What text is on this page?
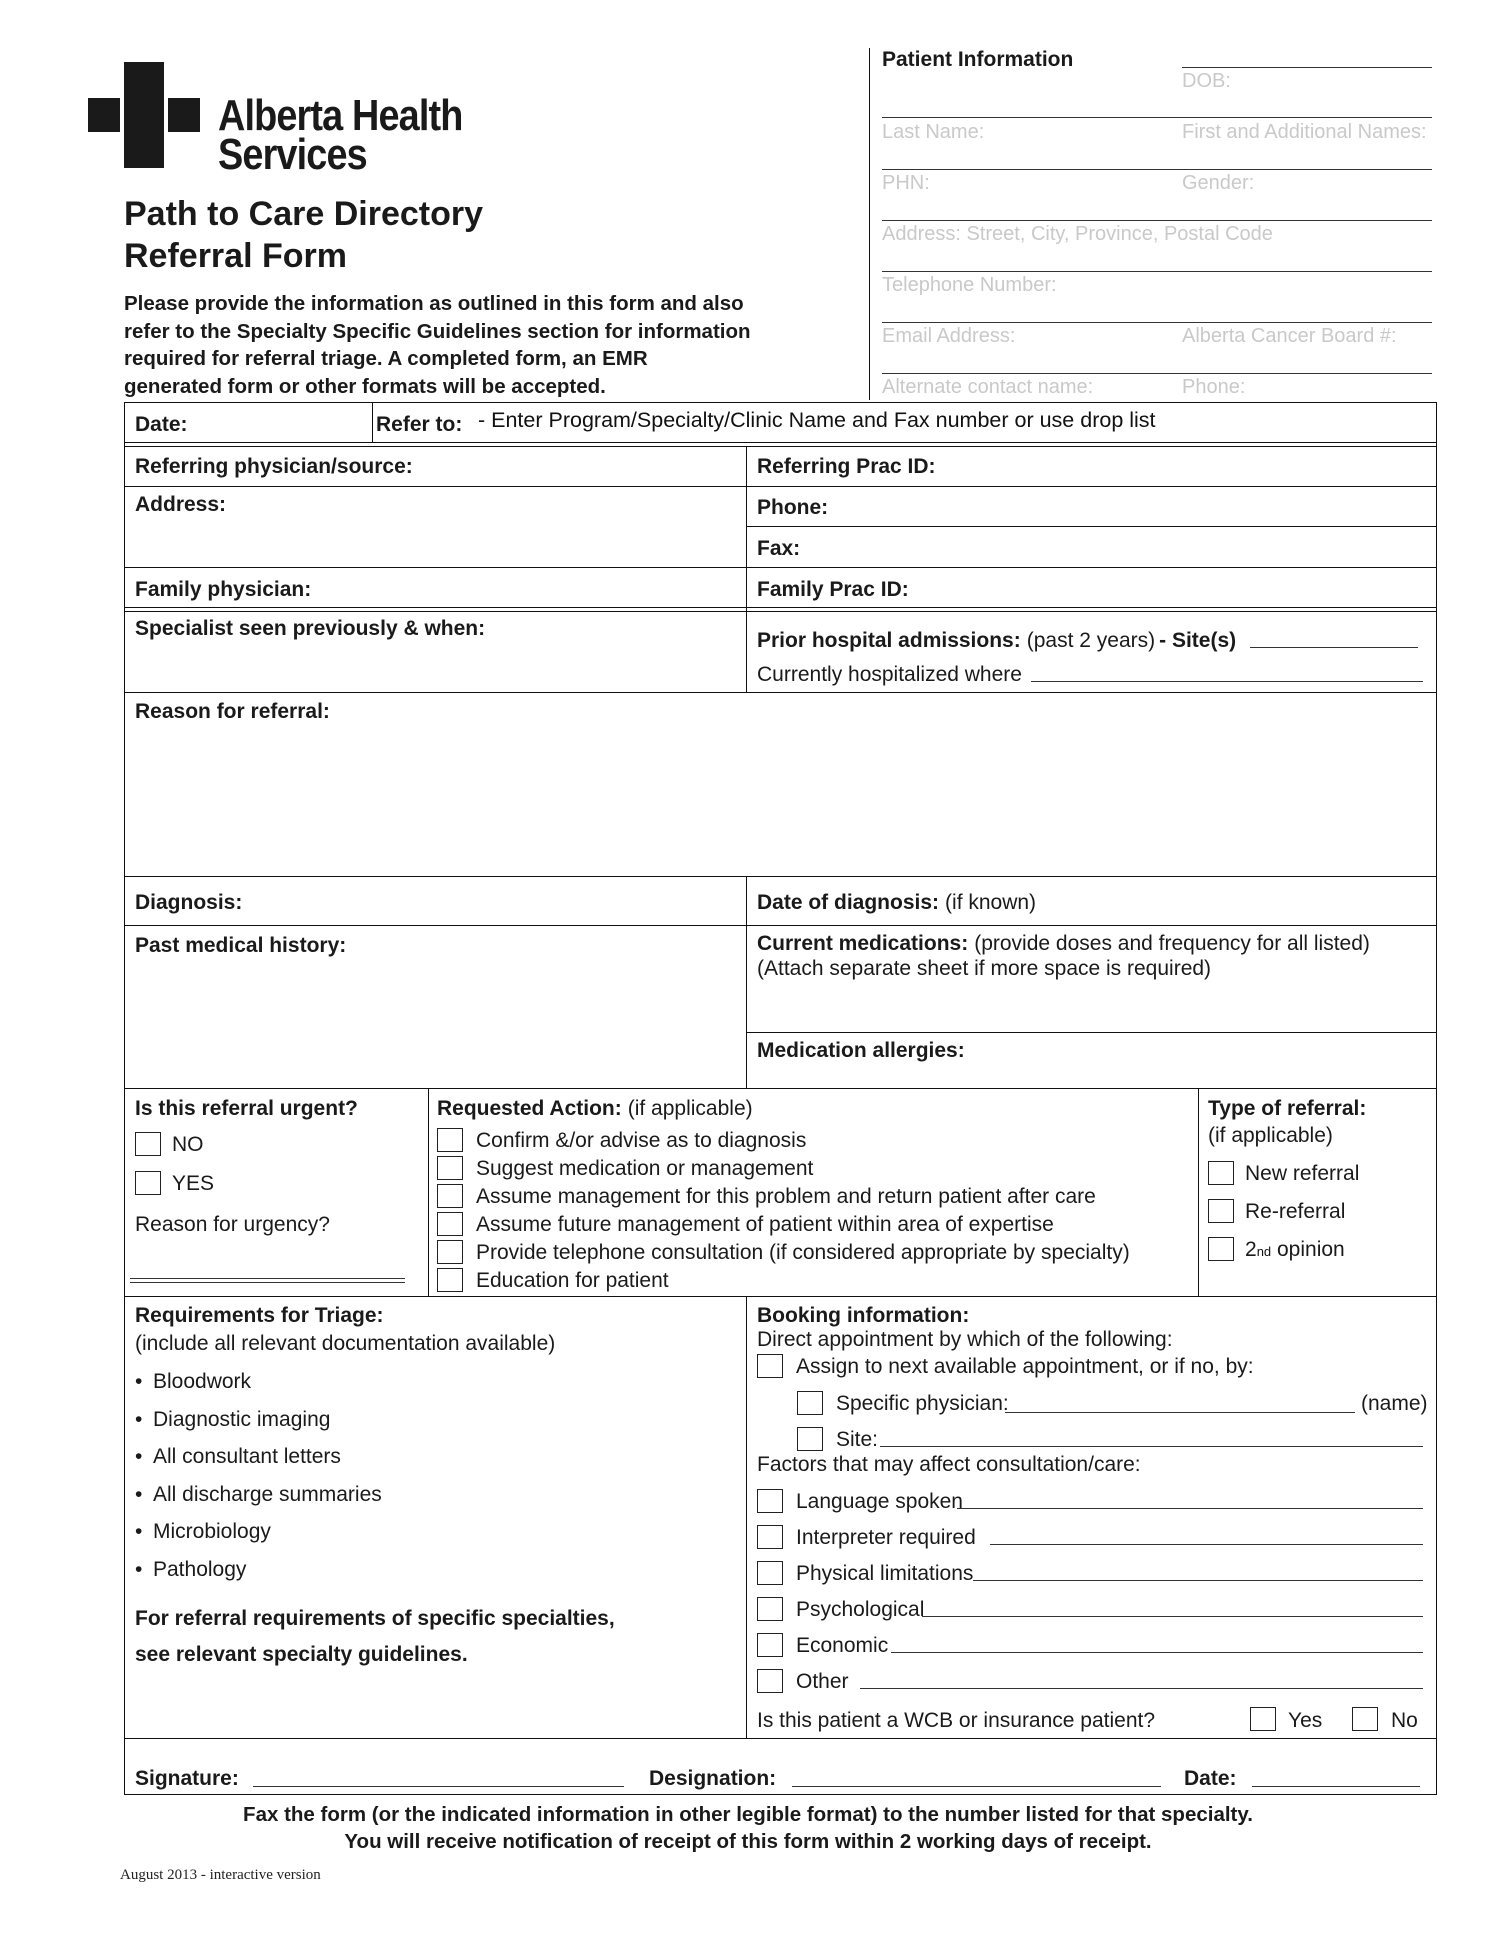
Alberta Health
Services
Path to Care Directory
Referral Form
Please provide the information as outlined in this form and also
refer to the Specialty Specific Guidelines section for information
required for referral triage. A completed form, an EMR
generated form or other formats will be accepted.
Patient Information
DOB:
Last Name:	First and Additional Names:
PHN:	Gender:
Address: Street, City, Province, Postal Code
Telephone Number:
Email Address:	Alberta Cancer Board #:
Alternate contact name:	Phone:
Date:	Refer to: - Enter Program/Specialty/Clinic Name and Fax number or use drop list
Referring physician/source:	Referring Prac ID:
Address:	Phone:
Fax:
Family physician:	Family Prac ID:
Specialist seen previously & when:
Prior hospital admissions: (past 2 years) - Site(s)
Currently hospitalized where
Reason for referral:
Diagnosis:	Date of diagnosis: (if known)
Past medical history:	Current medications: (provide doses and frequency for all listed)
(Attach separate sheet if more space is required)
Medication allergies:
Is this referral urgent?
NO
YES
Reason for urgency?
Requested Action: (if applicable)
Confirm &/or advise as to diagnosis
Suggest medication or management
Assume management for this problem and return patient after care
Assume future management of patient within area of expertise
Provide telephone consultation (if considered appropriate by specialty)
Education for patient
Type of referral:
(if applicable)
New referral
Re-referral
2 nd opinion
Requirements for Triage:
(include all relevant documentation available)
• Bloodwork
• Diagnostic imaging
• All consultant letters
• All discharge summaries
• Microbiology
• Pathology
For referral requirements of specific specialties,
see relevant specialty guidelines.
Booking information:
Direct appointment by which of the following:
Assign to next available appointment, or if no, by:
Specific physician:	(name)
Site:
Factors that may affect consultation/care:
Language spoken
Interpreter required
Physical limitations
Psychological
Economic
Other
Is this patient a WCB or insurance patient?	Yes	No
Signature:	Designation:	Date:
Fax the form (or the indicated information in other legible format) to the number listed for that specialty.
You will receive notification of receipt of this form within 2 working days of receipt.
August 2013 - interactive version
